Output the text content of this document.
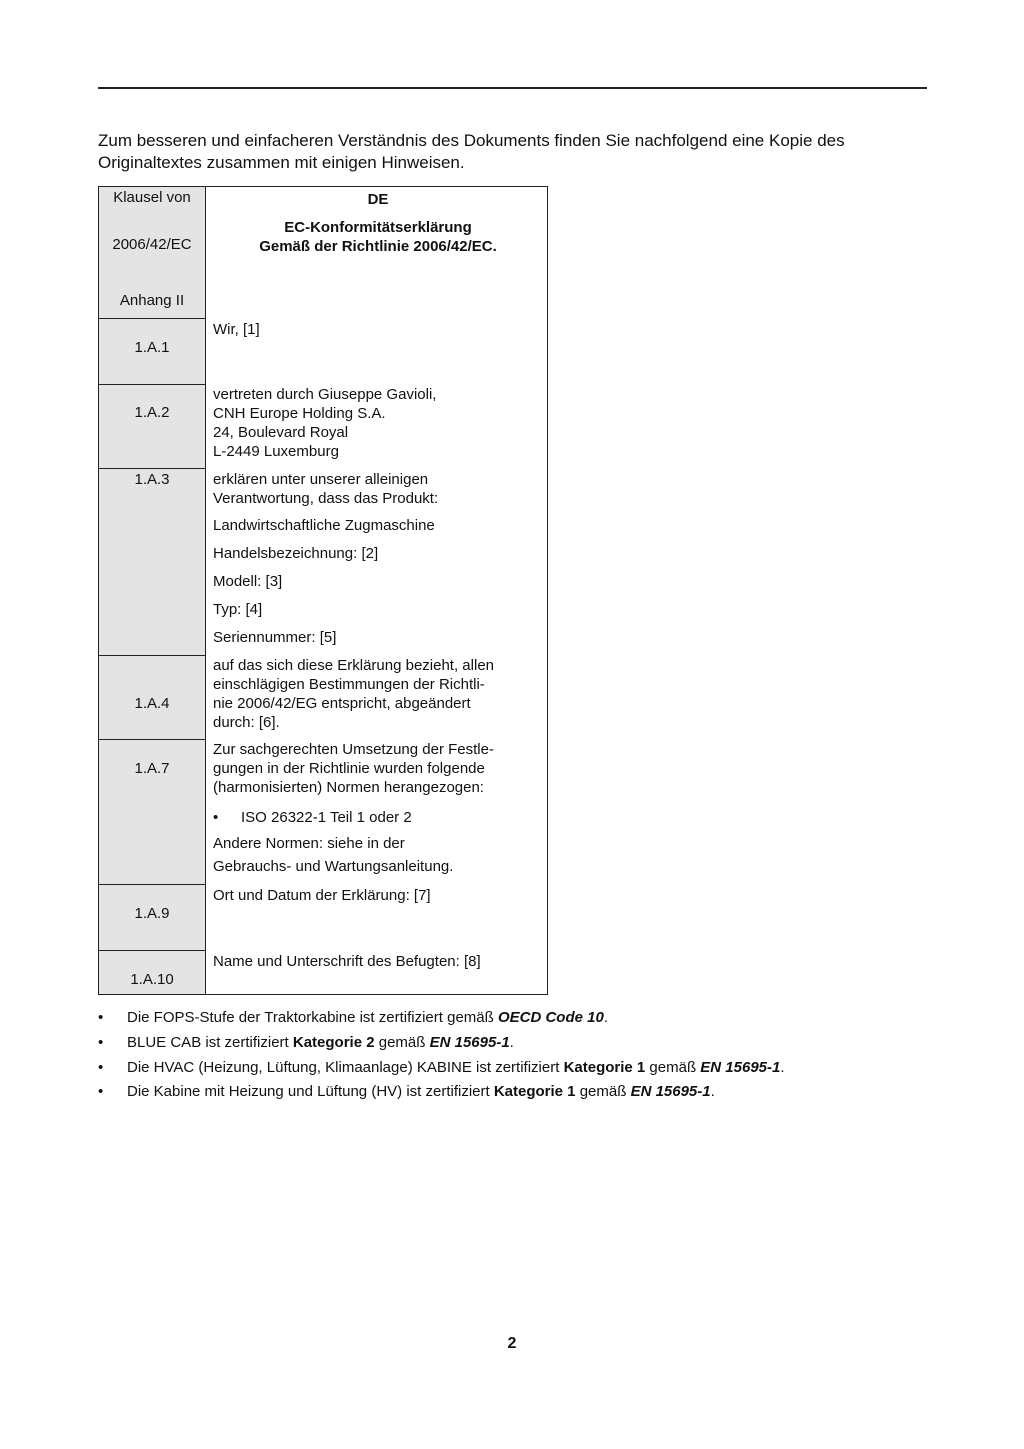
Zum besseren und einfacheren Verständnis des Dokuments finden Sie nachfolgend eine Kopie des
Originaltextes zusammen mit einigen Hinweisen.

Klausel von
2006/42/EC
Anhang II
DE
EC-Konformitätserklärung
Gemäß der Richtlinie 2006/42/EC.
1.A.1
1.A.2
1.A.3
1.A.4
1.A.7
1.A.9
1.A.10
Wir, [1]
vertreten durch Giuseppe Gavioli,
CNH Europe Holding S.A.
24, Boulevard Royal
L-2449 Luxemburg
erklären unter unserer alleinigen
Verantwortung, dass das Produkt:
Landwirtschaftliche Zugmaschine
Handelsbezeichnung: [2]
Modell: [3]
Typ: [4]
Seriennummer: [5]
auf das sich diese Erklärung bezieht, allen
einschlägigen Bestimmungen der Richtli-
nie 2006/42/EG entspricht, abgeändert
durch: [6].
Zur sachgerechten Umsetzung der Festle-
gungen in der Richtlinie wurden folgende
(harmonisierten) Normen herangezogen:
• ISO 26322-1 Teil 1 oder 2
Andere Normen: siehe in der
Gebrauchs- und Wartungsanleitung.
Ort und Datum der Erklärung: [7]
Name und Unterschrift des Befugten: [8]
• Die FOPS-Stufe der Traktorkabine ist zertifiziert gemäß OECD Code 10.
• BLUE CAB ist zertifiziert Kategorie 2 gemäß EN 15695-1.
• Die HVAC (Heizung, Lüftung, Klimaanlage) KABINE ist zertifiziert Kategorie 1 gemäß EN 15695-1.
• Die Kabine mit Heizung und Lüftung (HV) ist zertifiziert Kategorie 1 gemäß EN 15695-1.
2
